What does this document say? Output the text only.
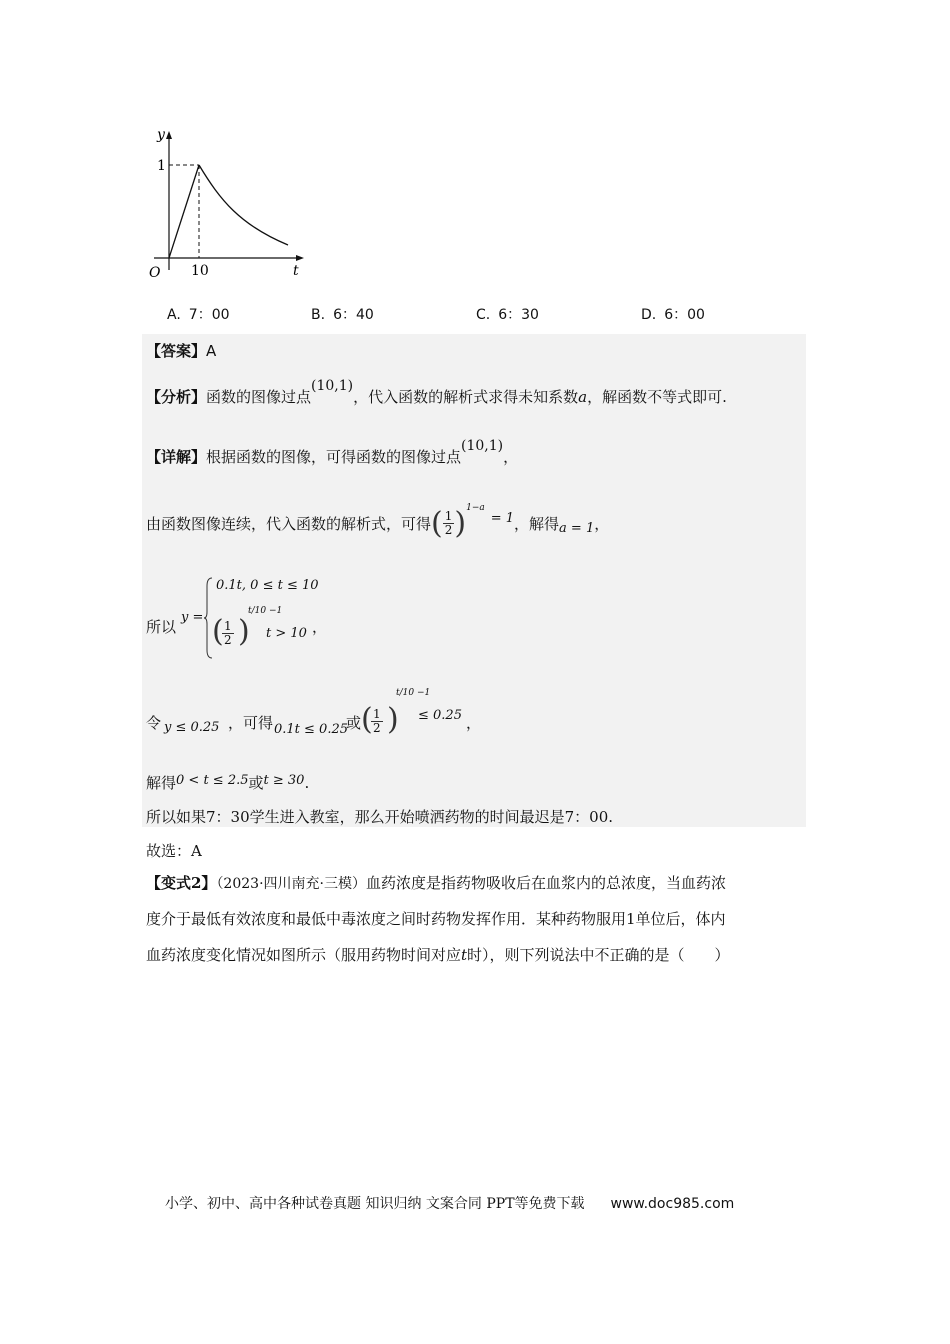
y
t
O
1
10
A. 7：00	B. 6：40	C. 6：30	D. 6：00
【答案】A
【分析】函数的图像过点(10,1)，代入函数的解析式求得未知系数a，解函数不等式即可.
【详解】根据函数的图像，可得函数的图像过点(10,1)，
由函数图像连续，代入函数的解析式，可得( $\frac{1}{2} )^{1-a}= 1$，解得a = 1，
所以
y =
0.1t, 0 ≤ t ≤ 10
(
$\frac{1}{2}$ )
t/10 −1
t > 10 ，
令 y ≤ 0.25 ，可得 0.1t ≤ 0.25
或 (
$\frac{1}{2}$ )
t/10 −1
≤ 0.25 ，
解得0 < t ≤ 2.5或t ≥ 30.
所以如果7：30学生进入教室，那么开始喷洒药物的时间最迟是7：00.
故选：A
【变式2】（2023·四川南充·三模）血药浓度是指药物吸收后在血浆内的总浓度，当血药浓
度介于最低有效浓度和最低中毒浓度之间时药物发挥作用．某种药物服用1单位后，体内
血药浓度变化情况如图所示（服用药物时间对应t时），则下列说法中不正确的是（　　）
小学、初中、高中各种试卷真题 知识归纳 文案合同 PPT等免费下载 www.doc985.com
